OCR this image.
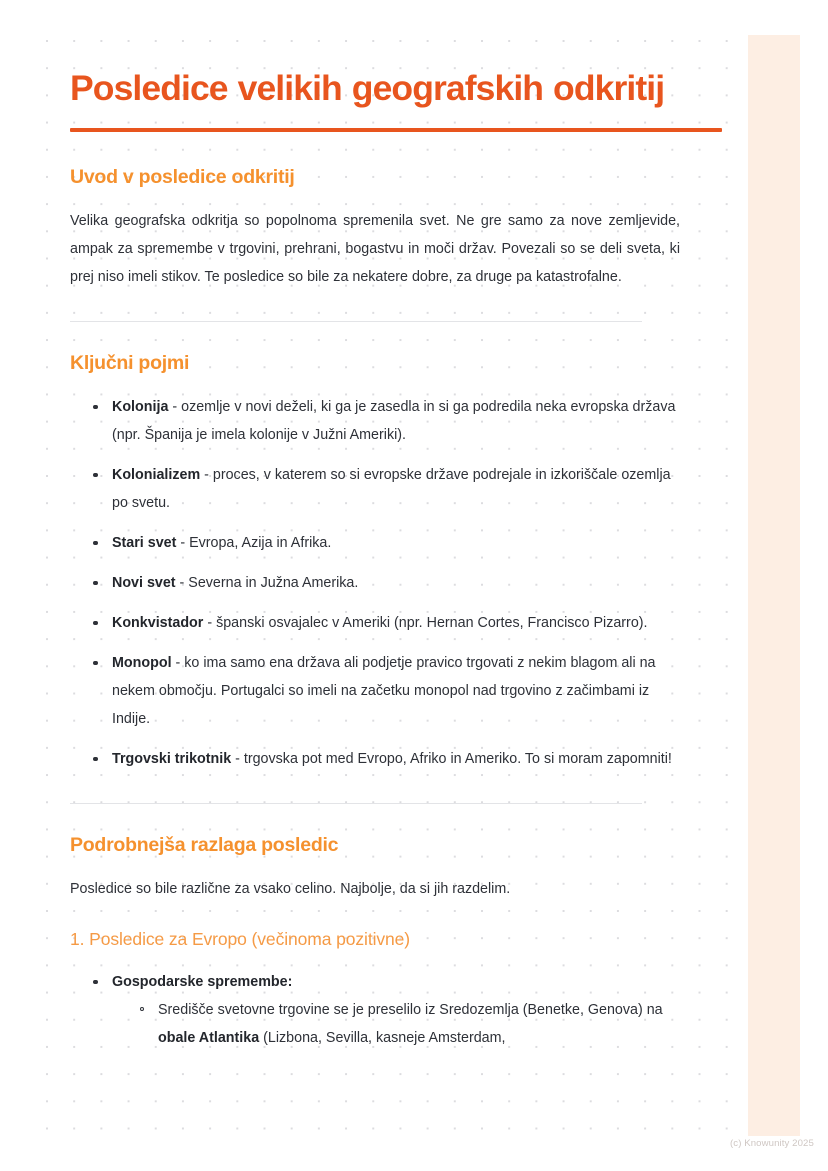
Posledice velikih geografskih odkritij
Uvod v posledice odkritij

Velika geografska odkritja so popolnoma spremenila svet. Ne gre samo za nove zemljevide, ampak za spremembe v trgovini, prehrani, bogastvu in moči držav. Povezali so se deli sveta, ki prej niso imeli stikov. Te posledice so bile za nekatere dobre, za druge pa katastrofalne.

Ključni pojmi
Kolonija - ozemlje v novi deželi, ki ga je zasedla in si ga podredila neka evropska država (npr. Španija je imela kolonije v Južni Ameriki).
Kolonializem - proces, v katerem so si evropske države podrejale in izkoriščale ozemlja po svetu.
Stari svet - Evropa, Azija in Afrika.
Novi svet - Severna in Južna Amerika.
Konkvistador - španski osvajalec v Ameriki (npr. Hernan Cortes, Francisco Pizarro).
Monopol - ko ima samo ena država ali podjetje pravico trgovati z nekim blagom ali na nekem območju. Portugalci so imeli na začetku monopol nad trgovino z začimbami iz Indije.
Trgovski trikotnik - trgovska pot med Evropo, Afriko in Ameriko. To si moram zapomniti!
Podrobnejša razlaga posledic

Posledice so bile različne za vsako celino. Najbolje, da si jih razdelim.

1. Posledice za Evropo (večinoma pozitivne)
Gospodarske spremembe:
Središče svetovne trgovine se je preselilo iz Sredozemlja (Benetke, Genova) na obale Atlantika (Lizbona, Sevilla, kasneje Amsterdam,
(c) Knowunity 2025
